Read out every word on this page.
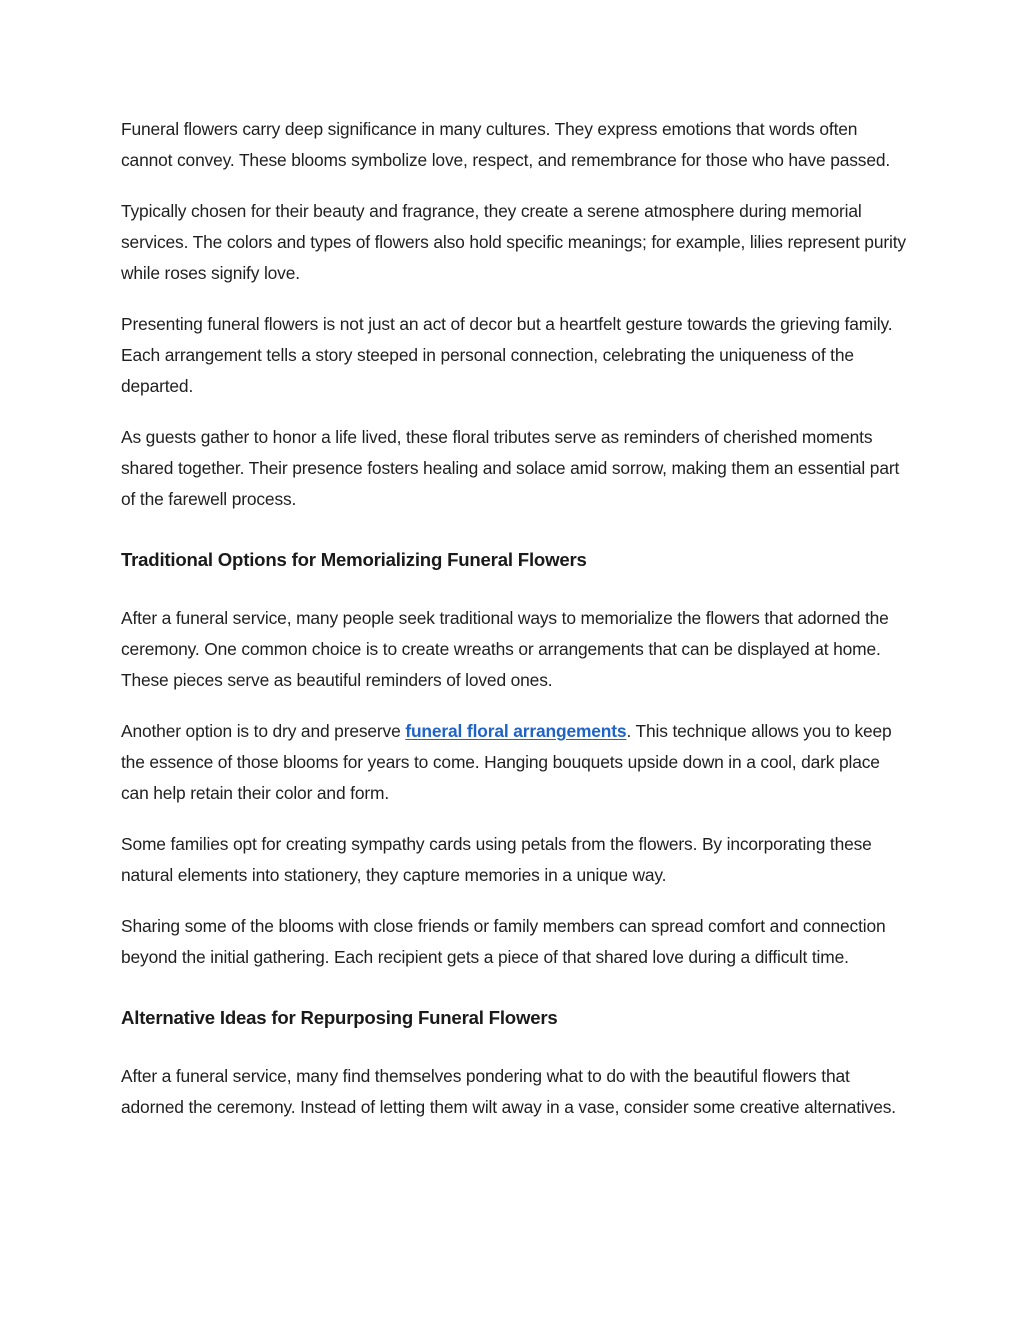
Funeral flowers carry deep significance in many cultures. They express emotions that words often cannot convey. These blooms symbolize love, respect, and remembrance for those who have passed.

Typically chosen for their beauty and fragrance, they create a serene atmosphere during memorial services. The colors and types of flowers also hold specific meanings; for example, lilies represent purity while roses signify love.

Presenting funeral flowers is not just an act of decor but a heartfelt gesture towards the grieving family. Each arrangement tells a story steeped in personal connection, celebrating the uniqueness of the departed.

As guests gather to honor a life lived, these floral tributes serve as reminders of cherished moments shared together. Their presence fosters healing and solace amid sorrow, making them an essential part of the farewell process.

Traditional Options for Memorializing Funeral Flowers

After a funeral service, many people seek traditional ways to memorialize the flowers that adorned the ceremony. One common choice is to create wreaths or arrangements that can be displayed at home. These pieces serve as beautiful reminders of loved ones.

Another option is to dry and preserve funeral floral arrangements. This technique allows you to keep the essence of those blooms for years to come. Hanging bouquets upside down in a cool, dark place can help retain their color and form.

Some families opt for creating sympathy cards using petals from the flowers. By incorporating these natural elements into stationery, they capture memories in a unique way.

Sharing some of the blooms with close friends or family members can spread comfort and connection beyond the initial gathering. Each recipient gets a piece of that shared love during a difficult time.

Alternative Ideas for Repurposing Funeral Flowers

After a funeral service, many find themselves pondering what to do with the beautiful flowers that adorned the ceremony. Instead of letting them wilt away in a vase, consider some creative alternatives.
